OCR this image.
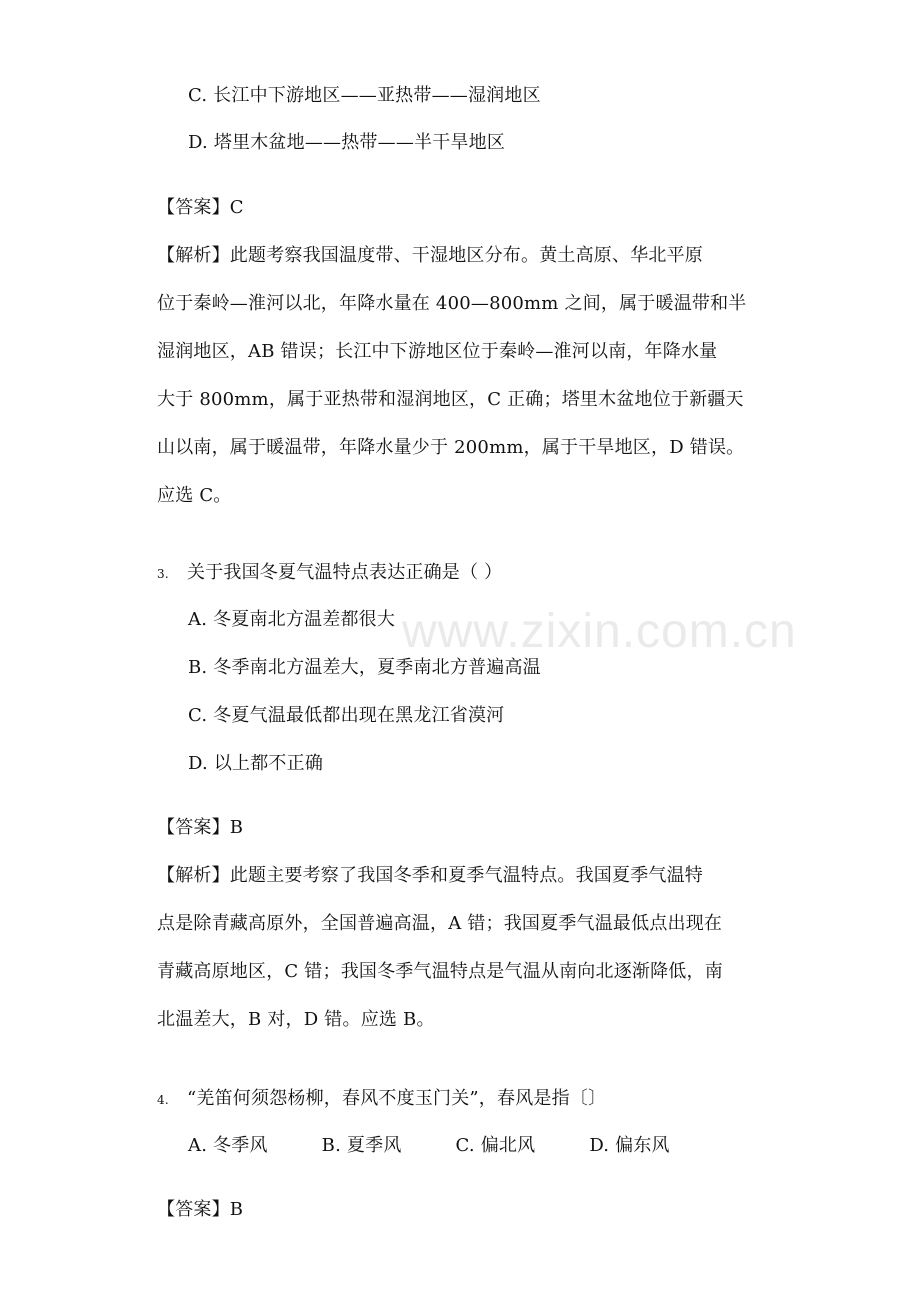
C. 长江中下游地区——亚热带——湿润地区
D. 塔里木盆地——热带——半干旱地区
【答案】C
【解析】此题考察我国温度带、干湿地区分布。黄土高原、华北平原
位于秦岭—淮河以北，年降水量在 400—800mm 之间，属于暖温带和半
湿润地区，AB 错误；长江中下游地区位于秦岭—淮河以南，年降水量
大于 800mm，属于亚热带和湿润地区，C 正确；塔里木盆地位于新疆天
山以南，属于暖温带，年降水量少于 200mm，属于干旱地区，D 错误。
应选 C。
3. 关于我国冬夏气温特点表达正确是（ ）
A. 冬夏南北方温差都很大
B. 冬季南北方温差大，夏季南北方普遍高温
C. 冬夏气温最低都出现在黑龙江省漠河
D. 以上都不正确
【答案】B
【解析】此题主要考察了我国冬季和夏季气温特点。我国夏季气温特
点是除青藏高原外，全国普遍高温，A 错；我国夏季气温最低点出现在
青藏高原地区，C 错；我国冬季气温特点是气温从南向北逐渐降低，南
北温差大，B 对，D 错。应选 B。
4. “羌笛何须怨杨柳，春风不度玉门关”，春风是指〔〕
A. 冬季风	B. 夏季风	C. 偏北风	D. 偏东风
【答案】B
www.zixin.com.cn
